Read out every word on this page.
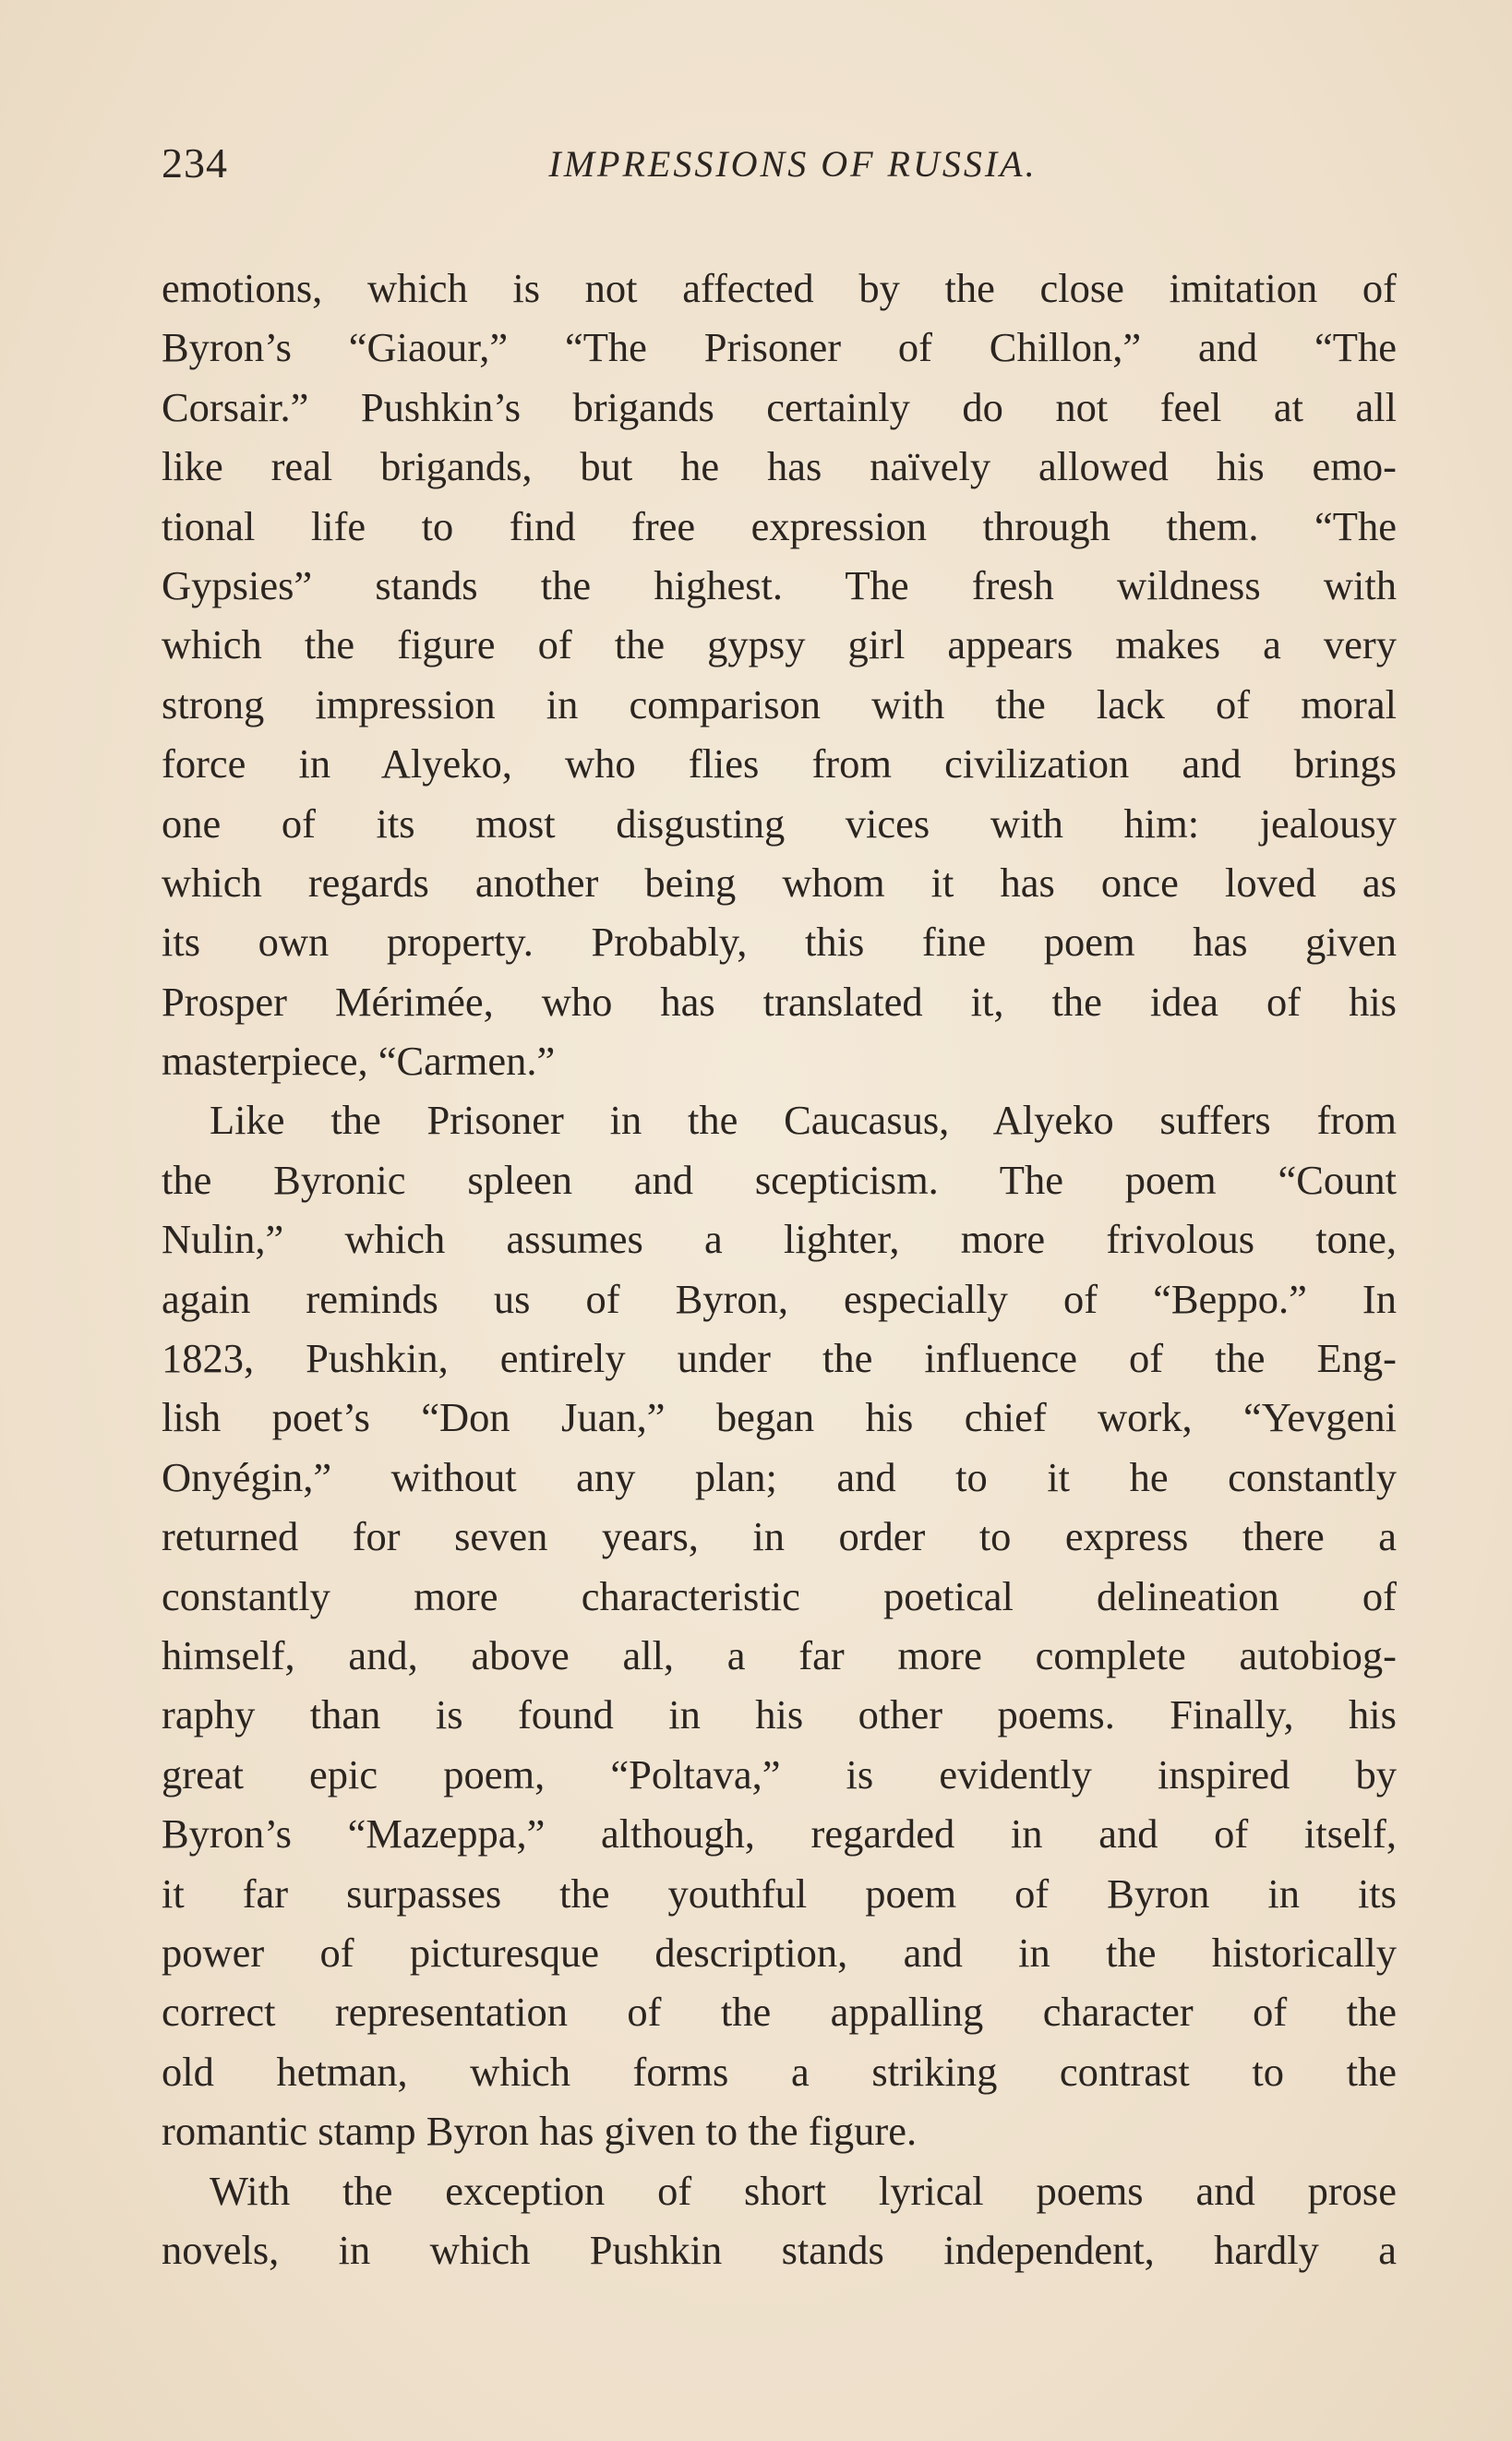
234	IMPRESSIONS OF RUSSIA.
emotions, which is not affected by the close imitation of
Byron’s “Giaour,” “The Prisoner of Chillon,” and “The
Corsair.” Pushkin’s brigands certainly do not feel at all
like real brigands, but he has naïvely allowed his emo-
tional life to find free expression through them. “The
Gypsies” stands the highest. The fresh wildness with
which the figure of the gypsy girl appears makes a very
strong impression in comparison with the lack of moral
force in Alyeko, who flies from civilization and brings
one of its most disgusting vices with him: jealousy
which regards another being whom it has once loved as
its own property. Probably, this fine poem has given
Prosper Mérimée, who has translated it, the idea of his
masterpiece, “Carmen.”
Like the Prisoner in the Caucasus, Alyeko suffers from
the Byronic spleen and scepticism. The poem “Count
Nulin,” which assumes a lighter, more frivolous tone,
again reminds us of Byron, especially of “Beppo.” In
1823, Pushkin, entirely under the influence of the Eng-
lish poet’s “Don Juan,” began his chief work, “Yevgeni
Onyégin,” without any plan; and to it he constantly
returned for seven years, in order to express there a
constantly more characteristic poetical delineation of
himself, and, above all, a far more complete autobiog-
raphy than is found in his other poems. Finally, his
great epic poem, “Poltava,” is evidently inspired by
Byron’s “Mazeppa,” although, regarded in and of itself,
it far surpasses the youthful poem of Byron in its
power of picturesque description, and in the historically
correct representation of the appalling character of the
old hetman, which forms a striking contrast to the
romantic stamp Byron has given to the figure.
With the exception of short lyrical poems and prose
novels, in which Pushkin stands independent, hardly a
